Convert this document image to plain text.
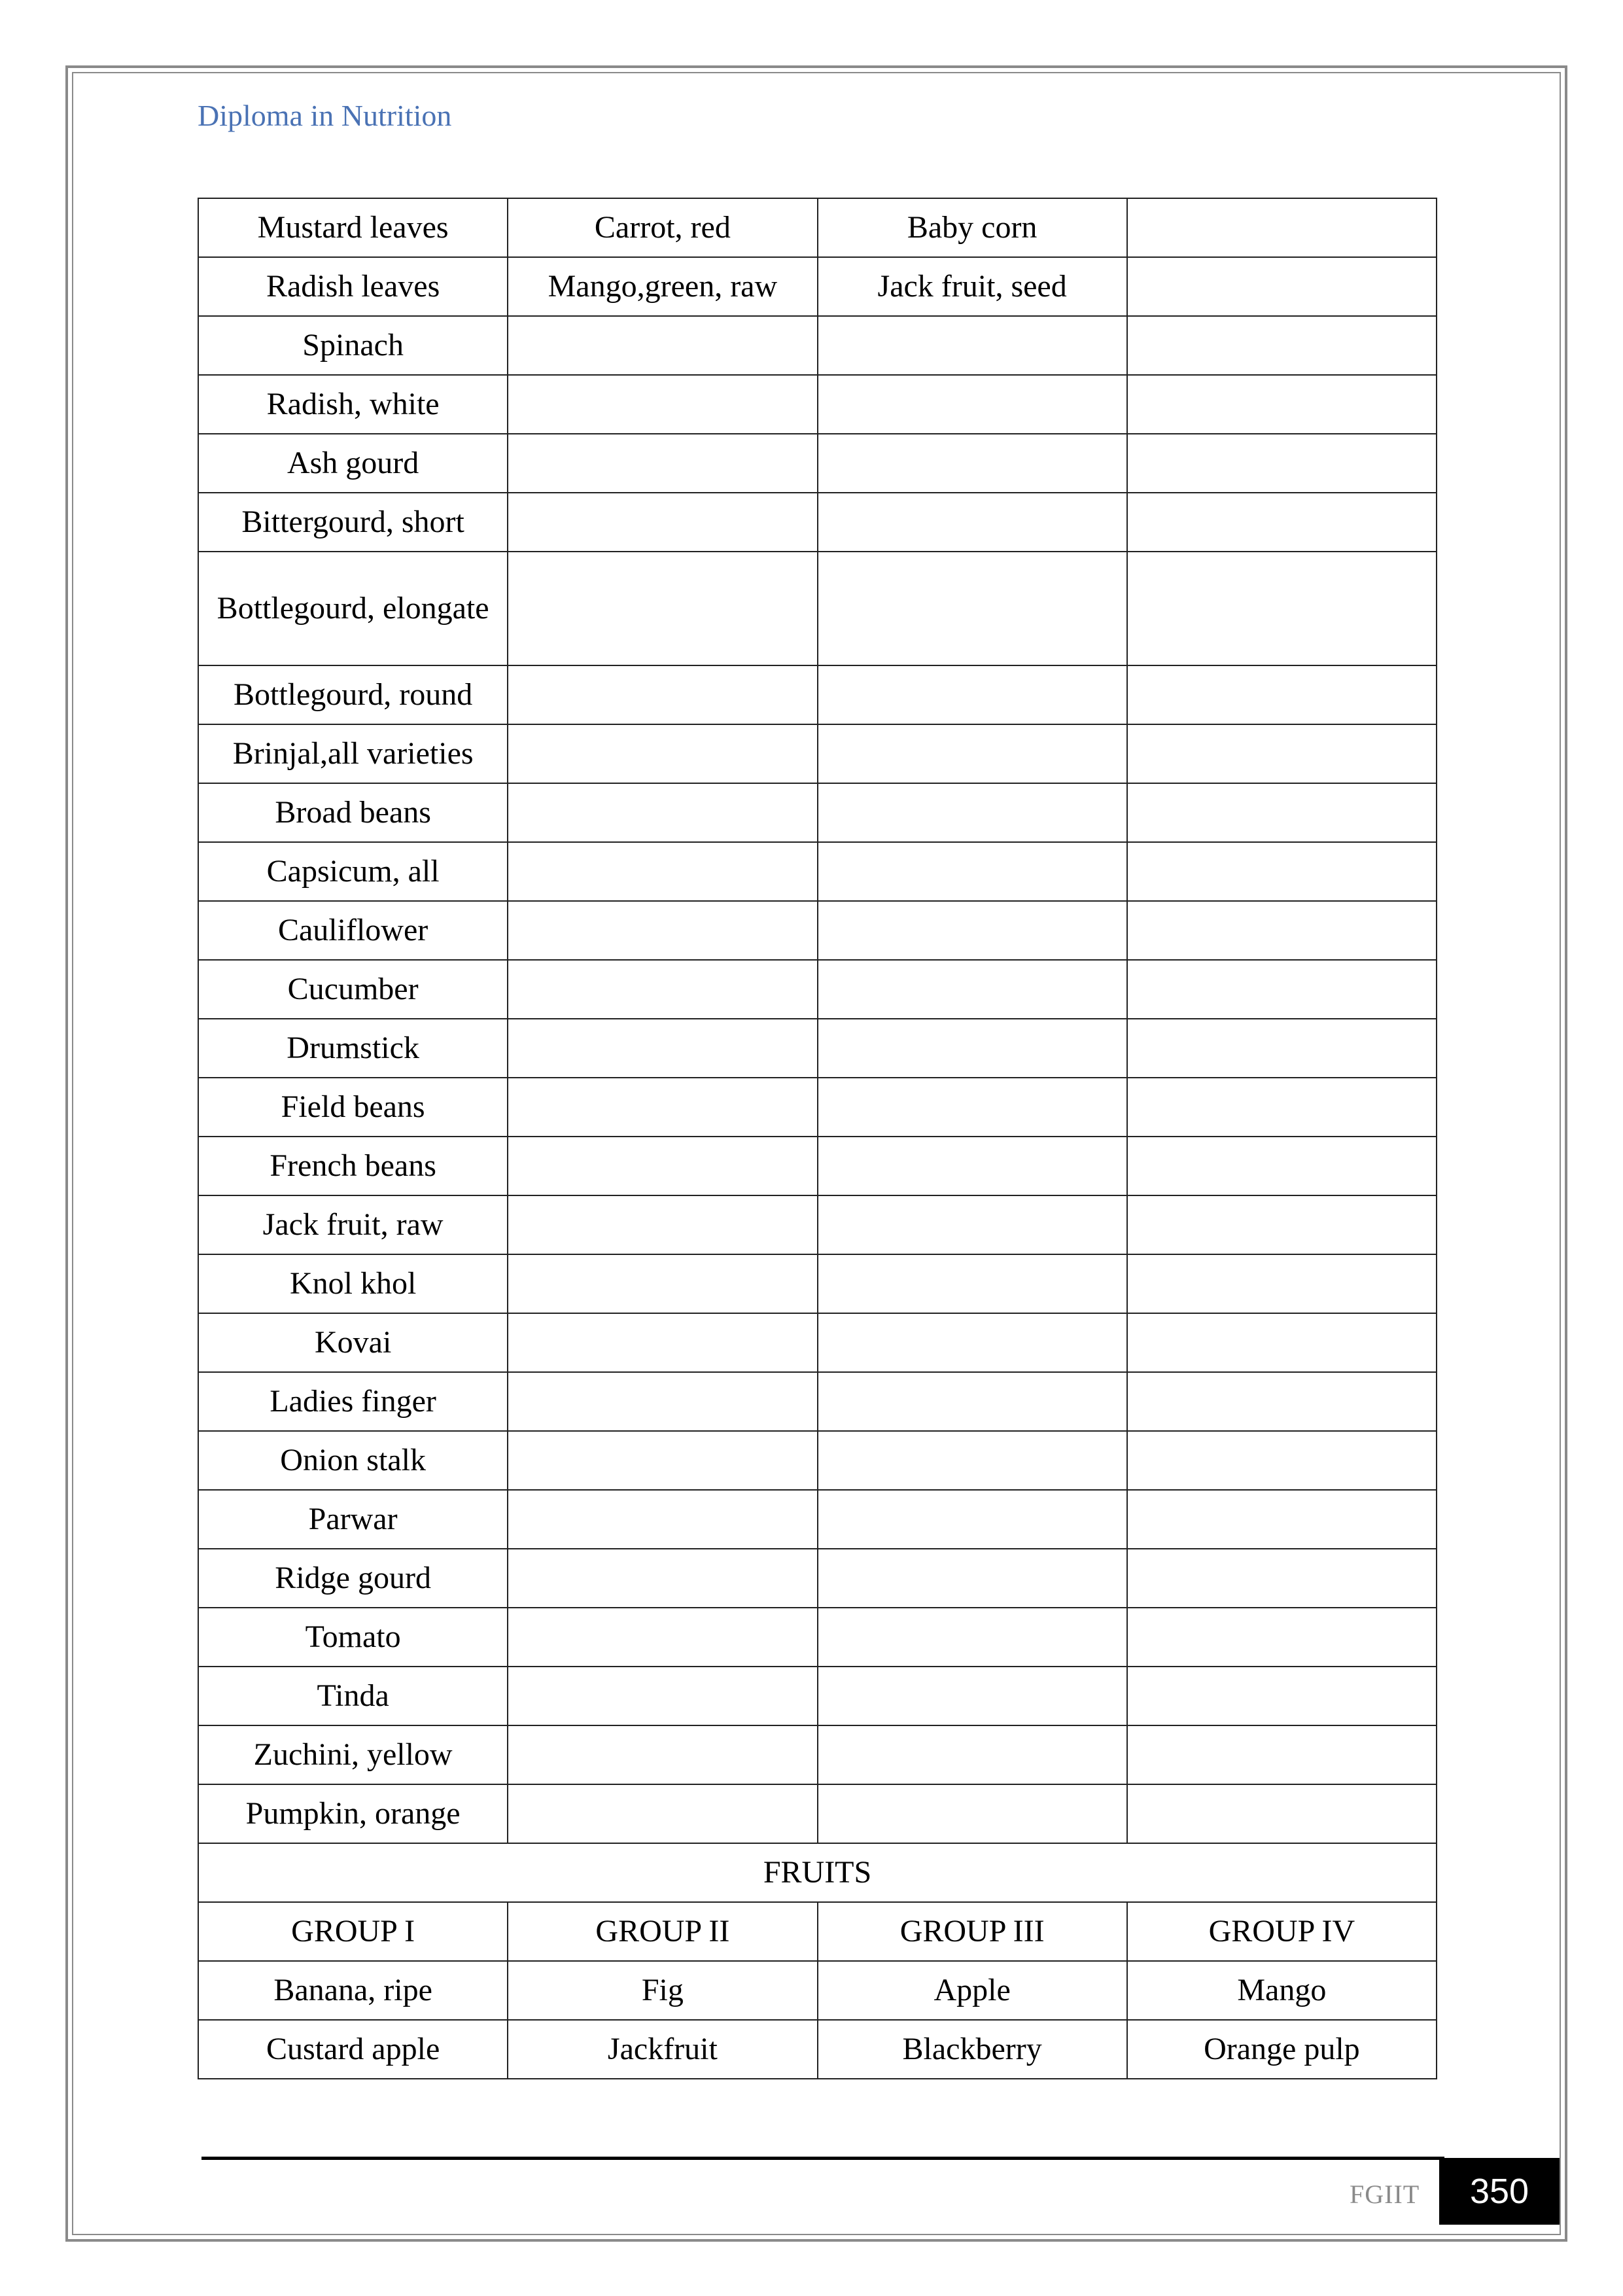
Diploma in Nutrition
Mustard leaves	Carrot, red	Baby corn	
Radish leaves	Mango,green, raw	Jack fruit, seed	
Spinach			
Radish, white			
Ash gourd			
Bittergourd, short			
Bottlegourd, elongate			
Bottlegourd, round			
Brinjal,all varieties			
Broad beans			
Capsicum, all			
Cauliflower			
Cucumber			
Drumstick			
Field beans			
French beans			
Jack fruit, raw			
Knol khol			
Kovai			
Ladies finger			
Onion stalk			
Parwar			
Ridge gourd			
Tomato			
Tinda			
Zuchini, yellow			
Pumpkin, orange			
FRUITS			
GROUP I	GROUP II	GROUP III	GROUP IV
Banana, ripe	Fig	Apple	Mango
Custard apple	Jackfruit	Blackberry	Orange pulp
FGIIT	350
